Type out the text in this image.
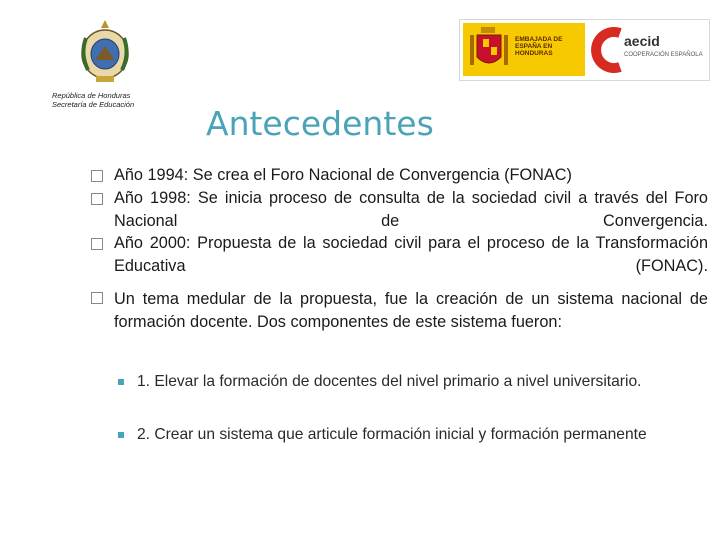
República de Honduras
Secretaría de Educación
EMBAJADA DE ESPAÑA EN HONDURAS
aecid
COOPERACIÓN ESPAÑOLA
Antecedentes
Año 1994: Se crea el Foro Nacional de Convergencia (FONAC)
Año 1998: Se inicia proceso de consulta de la sociedad civil a través del Foro Nacional de Convergencia.
Año 2000: Propuesta de la sociedad civil para el proceso de la Transformación Educativa (FONAC).
Un tema medular de la propuesta, fue la creación de un sistema nacional de formación docente. Dos componentes de este sistema fueron:
1. Elevar la formación de docentes del nivel primario a nivel universitario.
2. Crear un sistema que articule formación inicial y formación permanente
